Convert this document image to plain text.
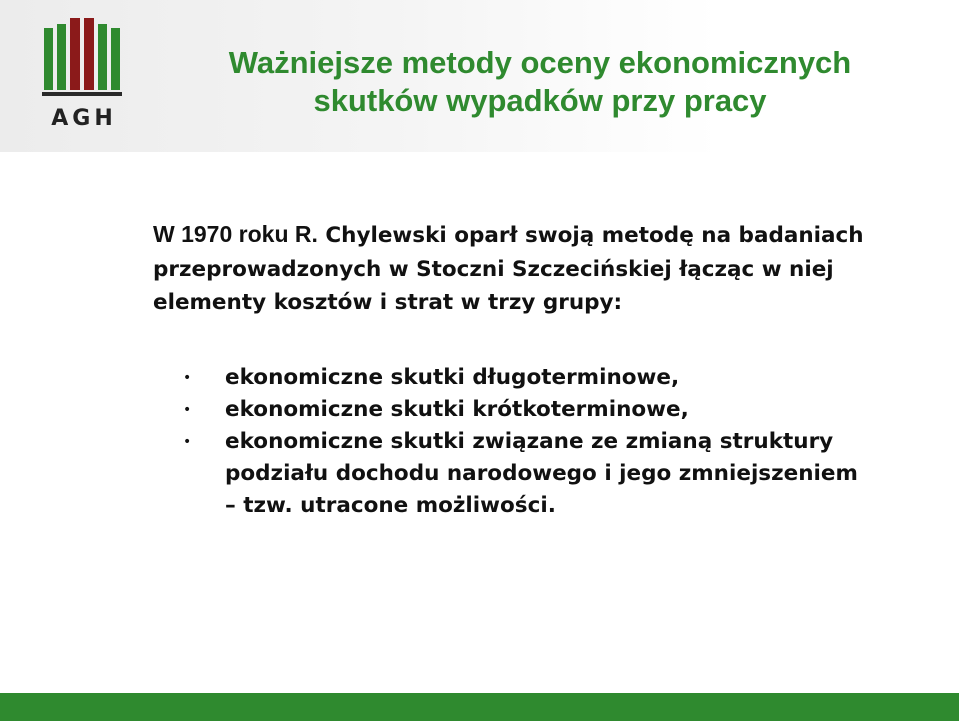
AGH
Ważniejsze metody oceny ekonomicznych
skutków wypadków przy pracy
W 1970 roku R. Chylewski oparł swoją metodę na badaniach przeprowadzonych w Stoczni Szczecińskiej łącząc w niej elementy kosztów i strat w trzy grupy:
• ekonomiczne skutki długoterminowe,
• ekonomiczne skutki krótkoterminowe,
• ekonomiczne skutki związane ze zmianą struktury podziału dochodu narodowego i jego zmniejszeniem – tzw. utracone możliwości.
